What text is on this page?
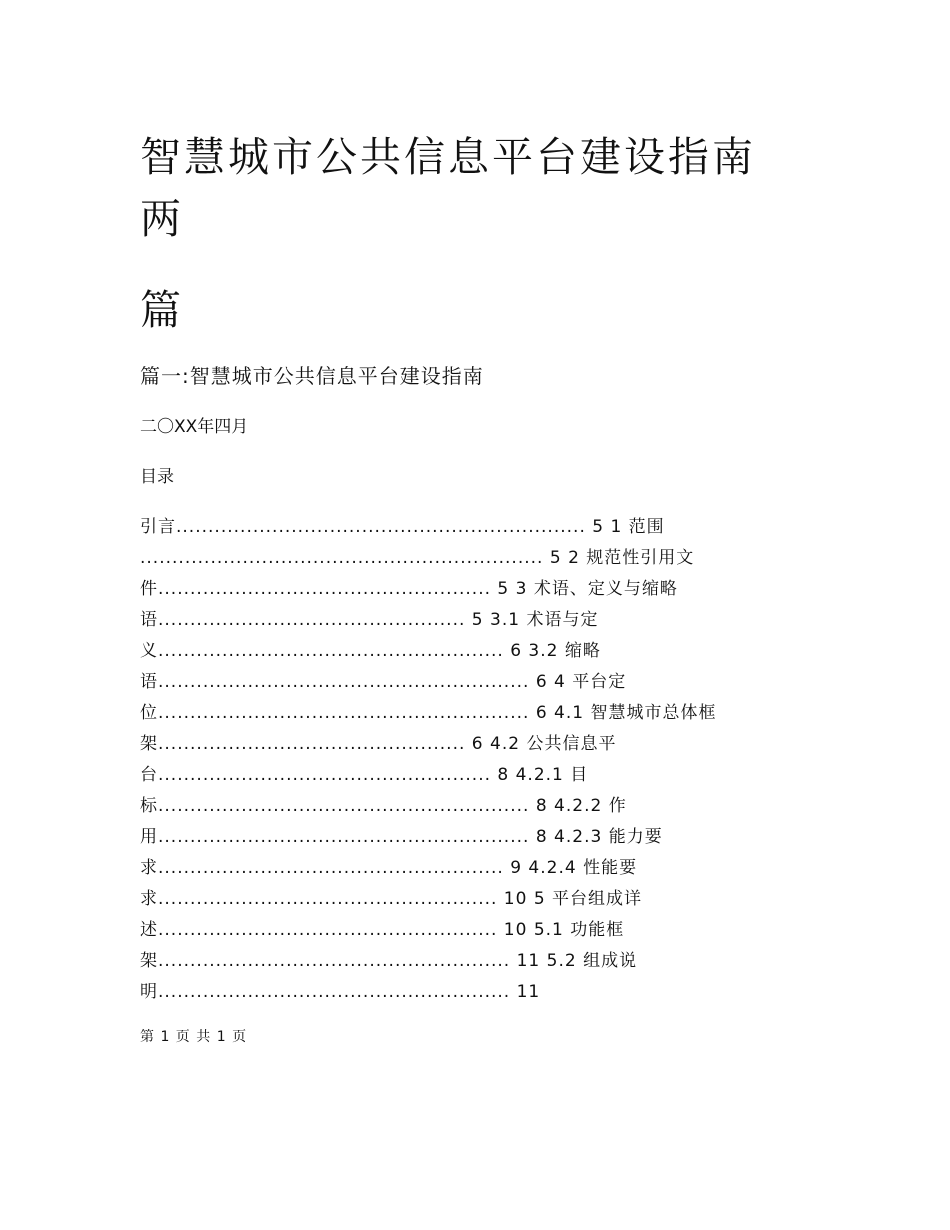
智慧城市公共信息平台建设指南
两
篇
篇一:智慧城市公共信息平台建设指南
二〇XX年四月
目录
引言................................................................ 5 1 范围
............................................................... 5 2 规范性引用文
件.................................................... 5 3 术语、定义与缩略
语................................................ 5 3.1 术语与定
义...................................................... 6 3.2 缩略
语.......................................................... 6 4 平台定
位.......................................................... 6 4.1 智慧城市总体框
架................................................ 6 4.2 公共信息平
台.................................................... 8 4.2.1 目
标.......................................................... 8 4.2.2 作
用.......................................................... 8 4.2.3 能力要
求...................................................... 9 4.2.4 性能要
求..................................................... 10 5 平台组成详
述..................................................... 10 5.1 功能框
架....................................................... 11 5.2 组成说
明....................................................... 11
第 1 页 共 1 页
